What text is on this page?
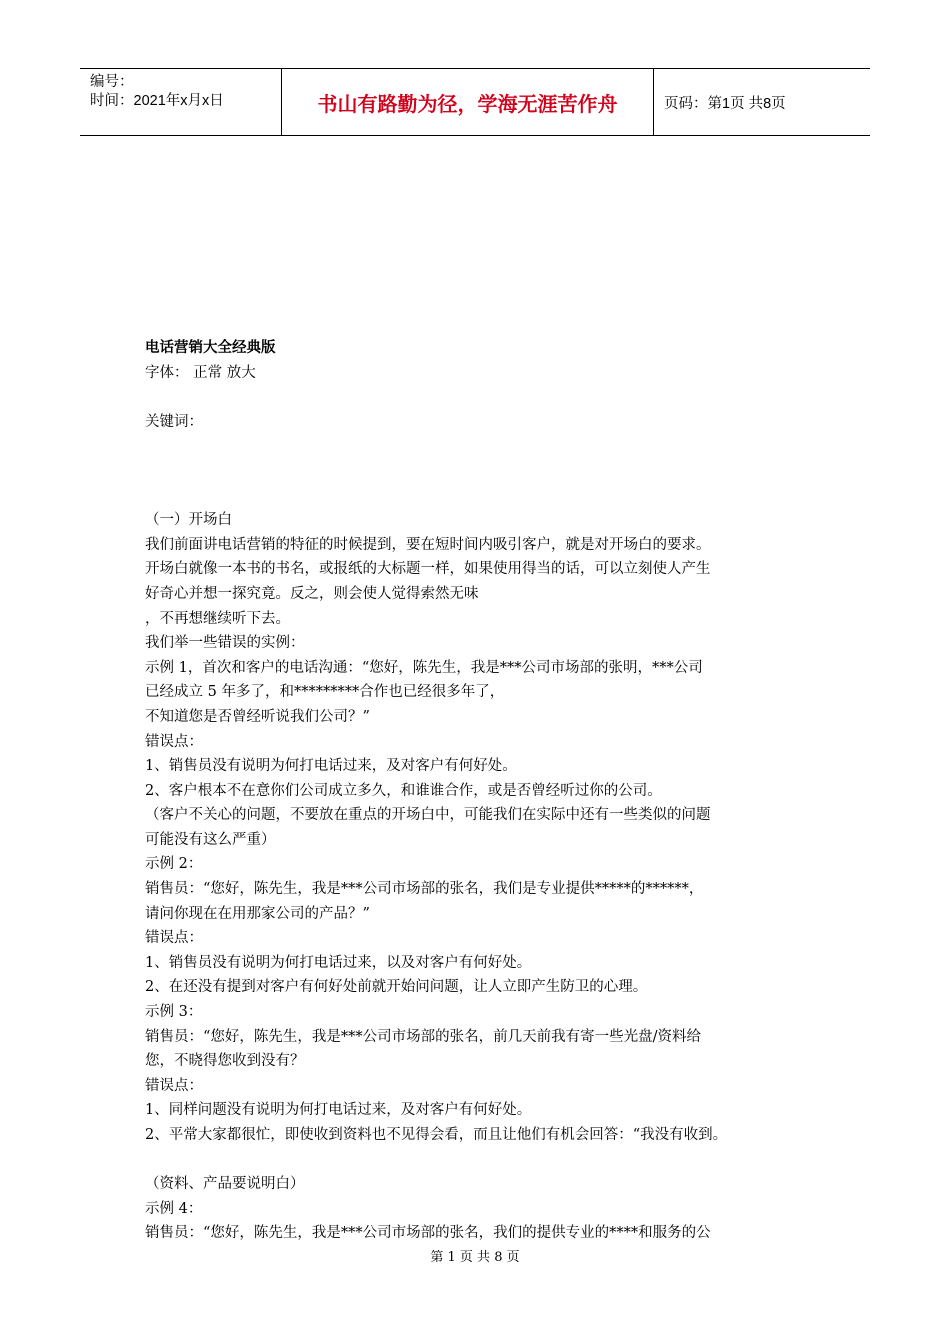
编号：
时间：2021年x月x日	书山有路勤为径，学海无涯苦作舟	页码：第1页 共8页
电话营销大全经典版
字体： 正常 放大
关键词：
（一）开场白
我们前面讲电话营销的特征的时候提到，要在短时间内吸引客户，就是对开场白的要求。
开场白就像一本书的书名，或报纸的大标题一样，如果使用得当的话，可以立刻使人产生
好奇心并想一探究竟。反之，则会使人觉得索然无味
，不再想继续听下去。
我们举一些错误的实例：
示例 1，首次和客户的电话沟通：“您好，陈先生，我是***公司市场部的张明，***公司
已经成立 5 年多了，和*********合作也已经很多年了，
不知道您是否曾经听说我们公司？”
错误点：
1、销售员没有说明为何打电话过来，及对客户有何好处。
2、客户根本不在意你们公司成立多久，和谁谁合作，或是否曾经听过你的公司。
（客户不关心的问题，不要放在重点的开场白中，可能我们在实际中还有一些类似的问题
可能没有这么严重）
示例 2：
销售员：“您好，陈先生，我是***公司市场部的张名，我们是专业提供*****的******，
请问你现在在用那家公司的产品？”
错误点：
1、销售员没有说明为何打电话过来，以及对客户有何好处。
2、在还没有提到对客户有何好处前就开始问问题，让人立即产生防卫的心理。
示例 3：
销售员：“您好，陈先生，我是***公司市场部的张名，前几天前我有寄一些光盘/资料给
您，不晓得您收到没有？
错误点：
1、同样问题没有说明为何打电话过来，及对客户有何好处。
2、平常大家都很忙，即使收到资料也不见得会看，而且让他们有机会回答：“我没有收到。
（资料、产品要说明白）
示例 4：
销售员：“您好，陈先生，我是***公司市场部的张名，我们的提供专业的****和服务的公
第 1 页 共 8 页
